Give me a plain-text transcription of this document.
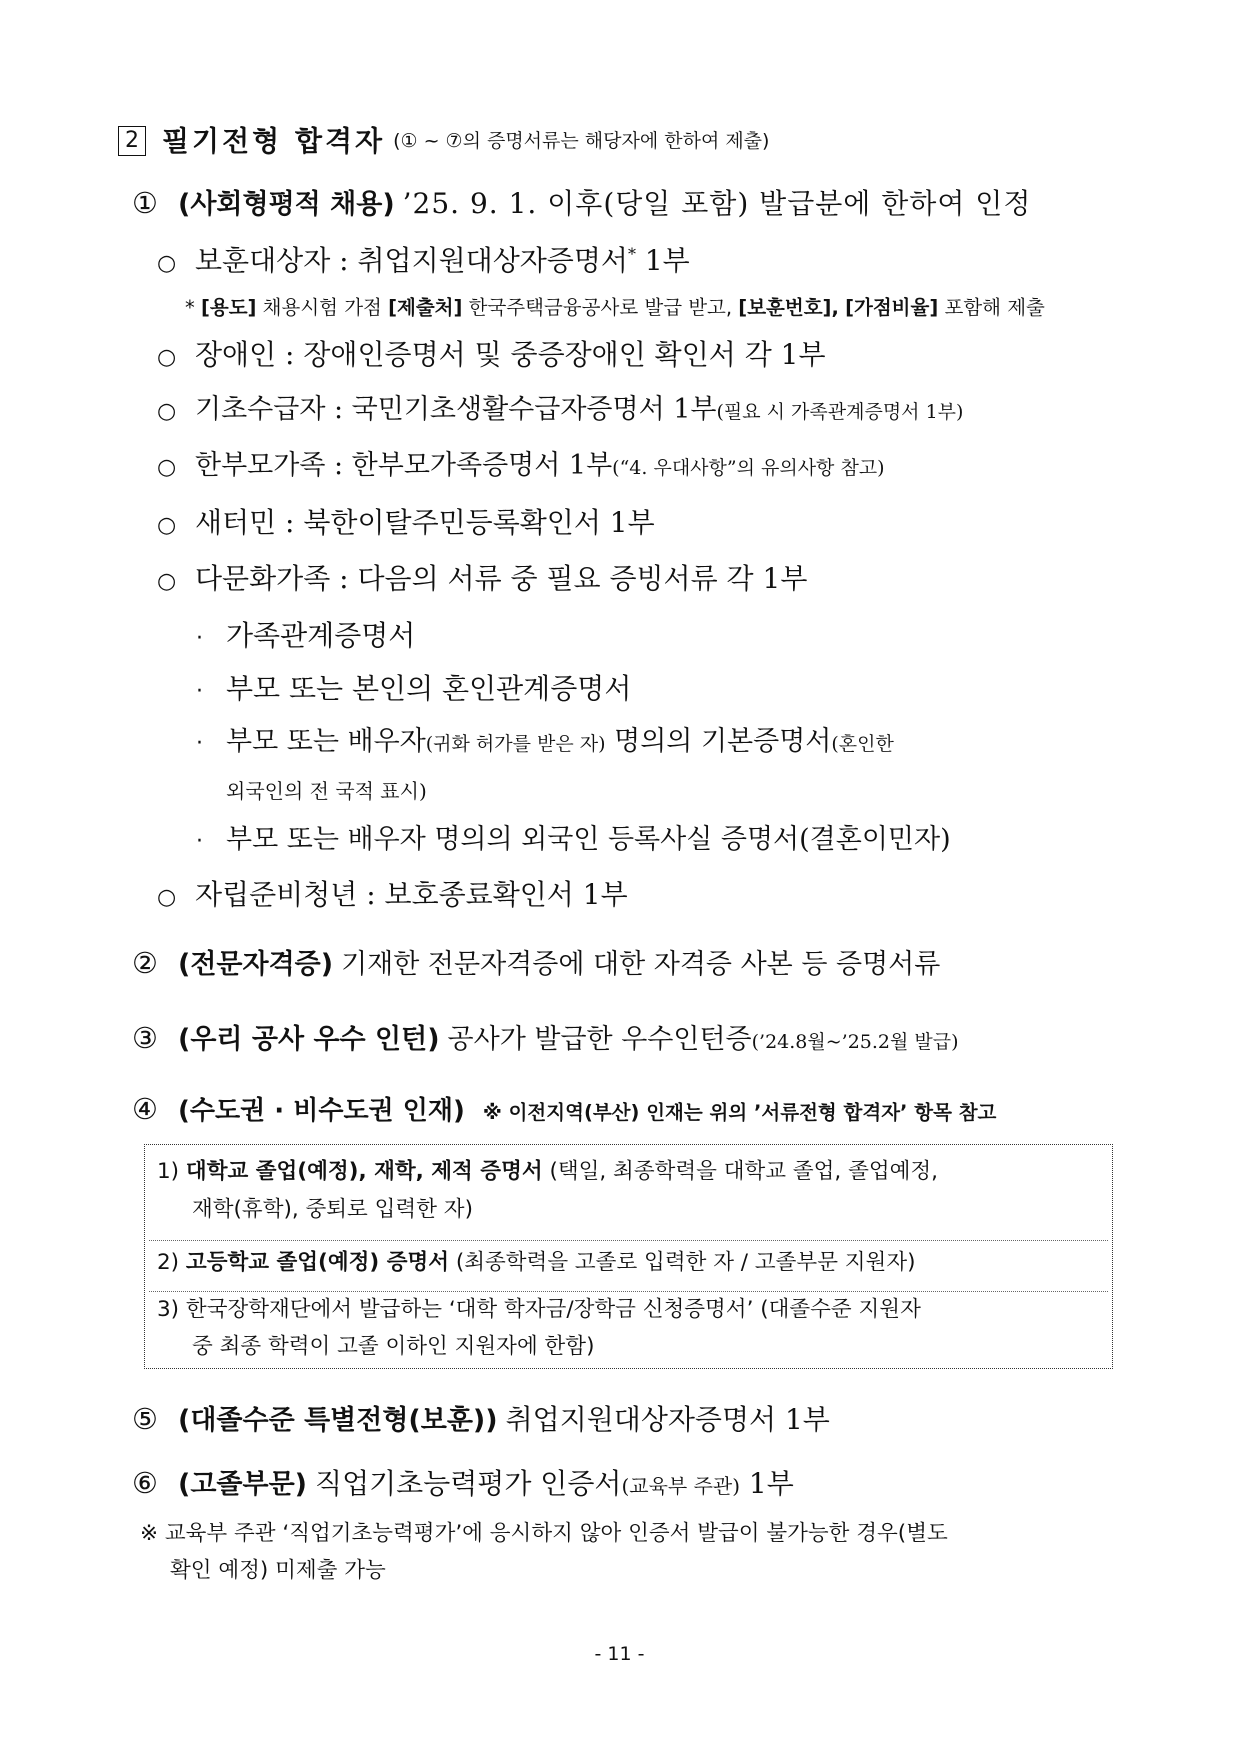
2 필기전형 합격자 (① ~ ⑦의 증명서류는 해당자에 한하여 제출)
① (사회형평적 채용) ’25. 9. 1. 이후(당일 포함) 발급분에 한하여 인정
○ 보훈대상자 : 취업지원대상자증명서* 1부
* [용도] 채용시험 가점 [제출처] 한국주택금융공사로 발급 받고, [보훈번호], [가점비율] 포함해 제출
○ 장애인 : 장애인증명서 및 중증장애인 확인서 각 1부
○ 기초수급자 : 국민기초생활수급자증명서 1부(필요 시 가족관계증명서 1부)
○ 한부모가족 : 한부모가족증명서 1부(“4. 우대사항”의 유의사항 참고)
○ 새터민 : 북한이탈주민등록확인서 1부
○ 다문화가족 : 다음의 서류 중 필요 증빙서류 각 1부
· 가족관계증명서
· 부모 또는 본인의 혼인관계증명서
· 부모 또는 배우자(귀화 허가를 받은 자) 명의의 기본증명서(혼인한
외국인의 전 국적 표시)
· 부모 또는 배우자 명의의 외국인 등록사실 증명서(결혼이민자)
○ 자립준비청년 : 보호종료확인서 1부
② (전문자격증) 기재한 전문자격증에 대한 자격증 사본 등 증명서류
③ (우리 공사 우수 인턴) 공사가 발급한 우수인턴증(’24.8월~’25.2월 발급)
④ (수도권 · 비수도권 인재) ※ 이전지역(부산) 인재는 위의 ’서류전형 합격자’ 항목 참고
1) 대학교 졸업(예정), 재학, 제적 증명서 (택일, 최종학력을 대학교 졸업, 졸업예정,
재학(휴학), 중퇴로 입력한 자)
2) 고등학교 졸업(예정) 증명서 (최종학력을 고졸로 입력한 자 / 고졸부문 지원자)
3) 한국장학재단에서 발급하는 ‘대학 학자금/장학금 신청증명서’ (대졸수준 지원자
중 최종 학력이 고졸 이하인 지원자에 한함)
⑤ (대졸수준 특별전형(보훈)) 취업지원대상자증명서 1부
⑥ (고졸부문) 직업기초능력평가 인증서(교육부 주관) 1부
※ 교육부 주관 ‘직업기초능력평가’에 응시하지 않아 인증서 발급이 불가능한 경우(별도
확인 예정) 미제출 가능
- 11 -
